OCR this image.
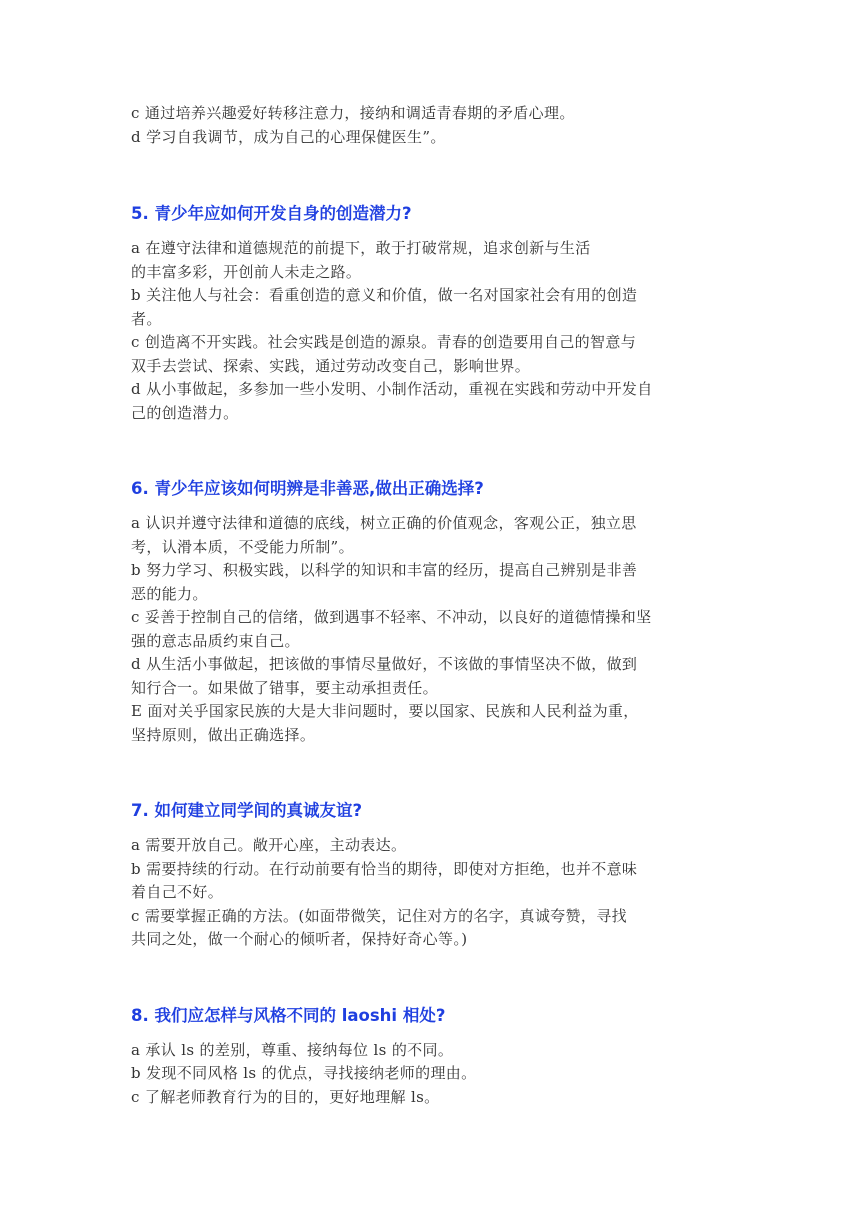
c 通过培养兴趣爱好转移注意力，接纳和调适青春期的矛盾心理。
d 学习自我调节，成为自己的心理保健医生”。
5. 青少年应如何开发自身的创造潜力?
a 在遵守法律和道德规范的前提下，敢于打破常规，追求创新与生活
的丰富多彩，开创前人未走之路。
b 关注他人与社会：看重创造的意义和价值，做一名对国家社会有用的创造
者。
c 创造离不开实践。社会实践是创造的源泉。青春的创造要用自己的智意与
双手去尝试、探索、实践，通过劳动改变自己，影响世界。
d 从小事做起，多参加一些小发明、小制作活动，重视在实践和劳动中开发自
己的创造潜力。
6. 青少年应该如何明辨是非善恶,做出正确选择?
a 认识并遵守法律和道德的底线，树立正确的价值观念，客观公正，独立思
考，认滑本质，不受能力所制”。
b 努力学习、积极实践，以科学的知识和丰富的经历，提高自己辨别是非善
恶的能力。
c 妥善于控制自己的信绪，做到遇事不轻率、不冲动，以良好的道德情操和坚
强的意志品质约束自己。
d 从生活小事做起，把该做的事情尽量做好，不该做的事情坚决不做，做到
知行合一。如果做了错事，要主动承担责任。
E 面对关乎国家民族的大是大非问题时，要以国家、民族和人民利益为重，
坚持原则，做出正确选择。
7. 如何建立同学间的真诚友谊?
a 需要开放自己。敞开心座，主动表达。
b 需要持续的行动。在行动前要有恰当的期待，即使对方拒绝，也并不意味
着自己不好。
c 需要掌握正确的方法。(如面带微笑，记住对方的名字，真诚夸赞，寻找
共同之处，做一个耐心的倾听者，保持好奇心等。)
8. 我们应怎样与风格不同的 laoshi 相处?
a 承认 ls 的差别，尊重、接纳每位 ls 的不同。
b 发现不同风格 ls 的优点，寻找接纳老师的理由。
c 了解老师教育行为的目的，更好地理解 ls。
